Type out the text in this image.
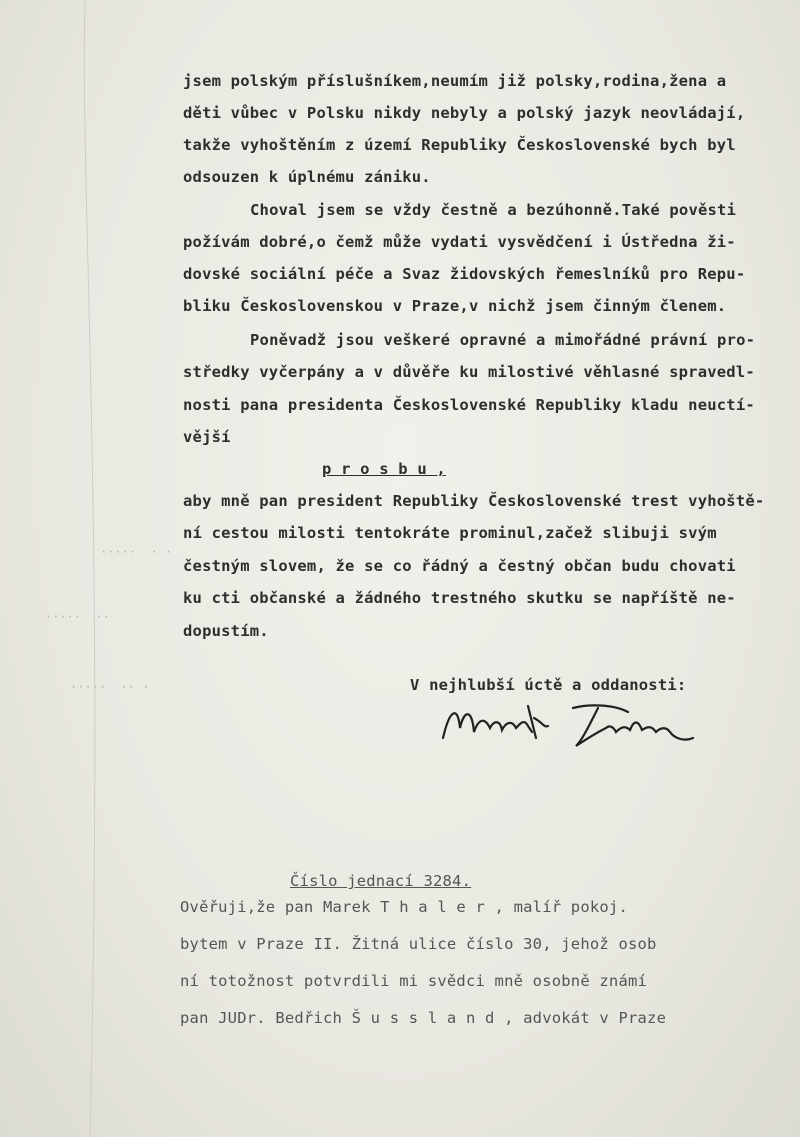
·····  · ·
·····  ··
·····  ·· ·
jsem polským příslušníkem,neumím již polsky,rodina,žena a
děti vůbec v Polsku nikdy nebyly a polský jazyk neovládají,
takže vyhoštěním z území Republiky Československé bych byl
odsouzen k úplnému zániku.
Choval jsem se vždy čestně a bezúhonně.Také pověsti
požívám dobré,o čemž může vydati vysvědčení i Ústředna ži-
dovské sociální péče a Svaz židovských řemeslníků pro Repu-
bliku Československou v Praze,v nichž jsem činným členem.
Poněvadž jsou veškeré opravné a mimořádné právní pro-
středky vyčerpány a v důvěře ku milostivé věhlasné spravedl-
nosti pana presidenta Československé Republiky kladu neuctí-
vější
p r o s b u ,
aby mně pan president Republiky Československé trest vyhoště-
ní cestou milosti tentokráte prominul,začež slibuji svým
čestným slovem, že se co řádný a čestný občan budu chovati
ku cti občanské a žádného trestného skutku se napříště ne-
dopustím.
V nejhlubší úctě a oddanosti:
Číslo jednací 3284.
Ověřuji,že pan Marek T h a l e r , malíř pokoj.
bytem v Praze II. Žitná ulice číslo 30, jehož osob
ní totožnost potvrdili mi svědci mně osobně známí
pan JUDr. Bedřich Š u s s l a n d , advokát v Praze
